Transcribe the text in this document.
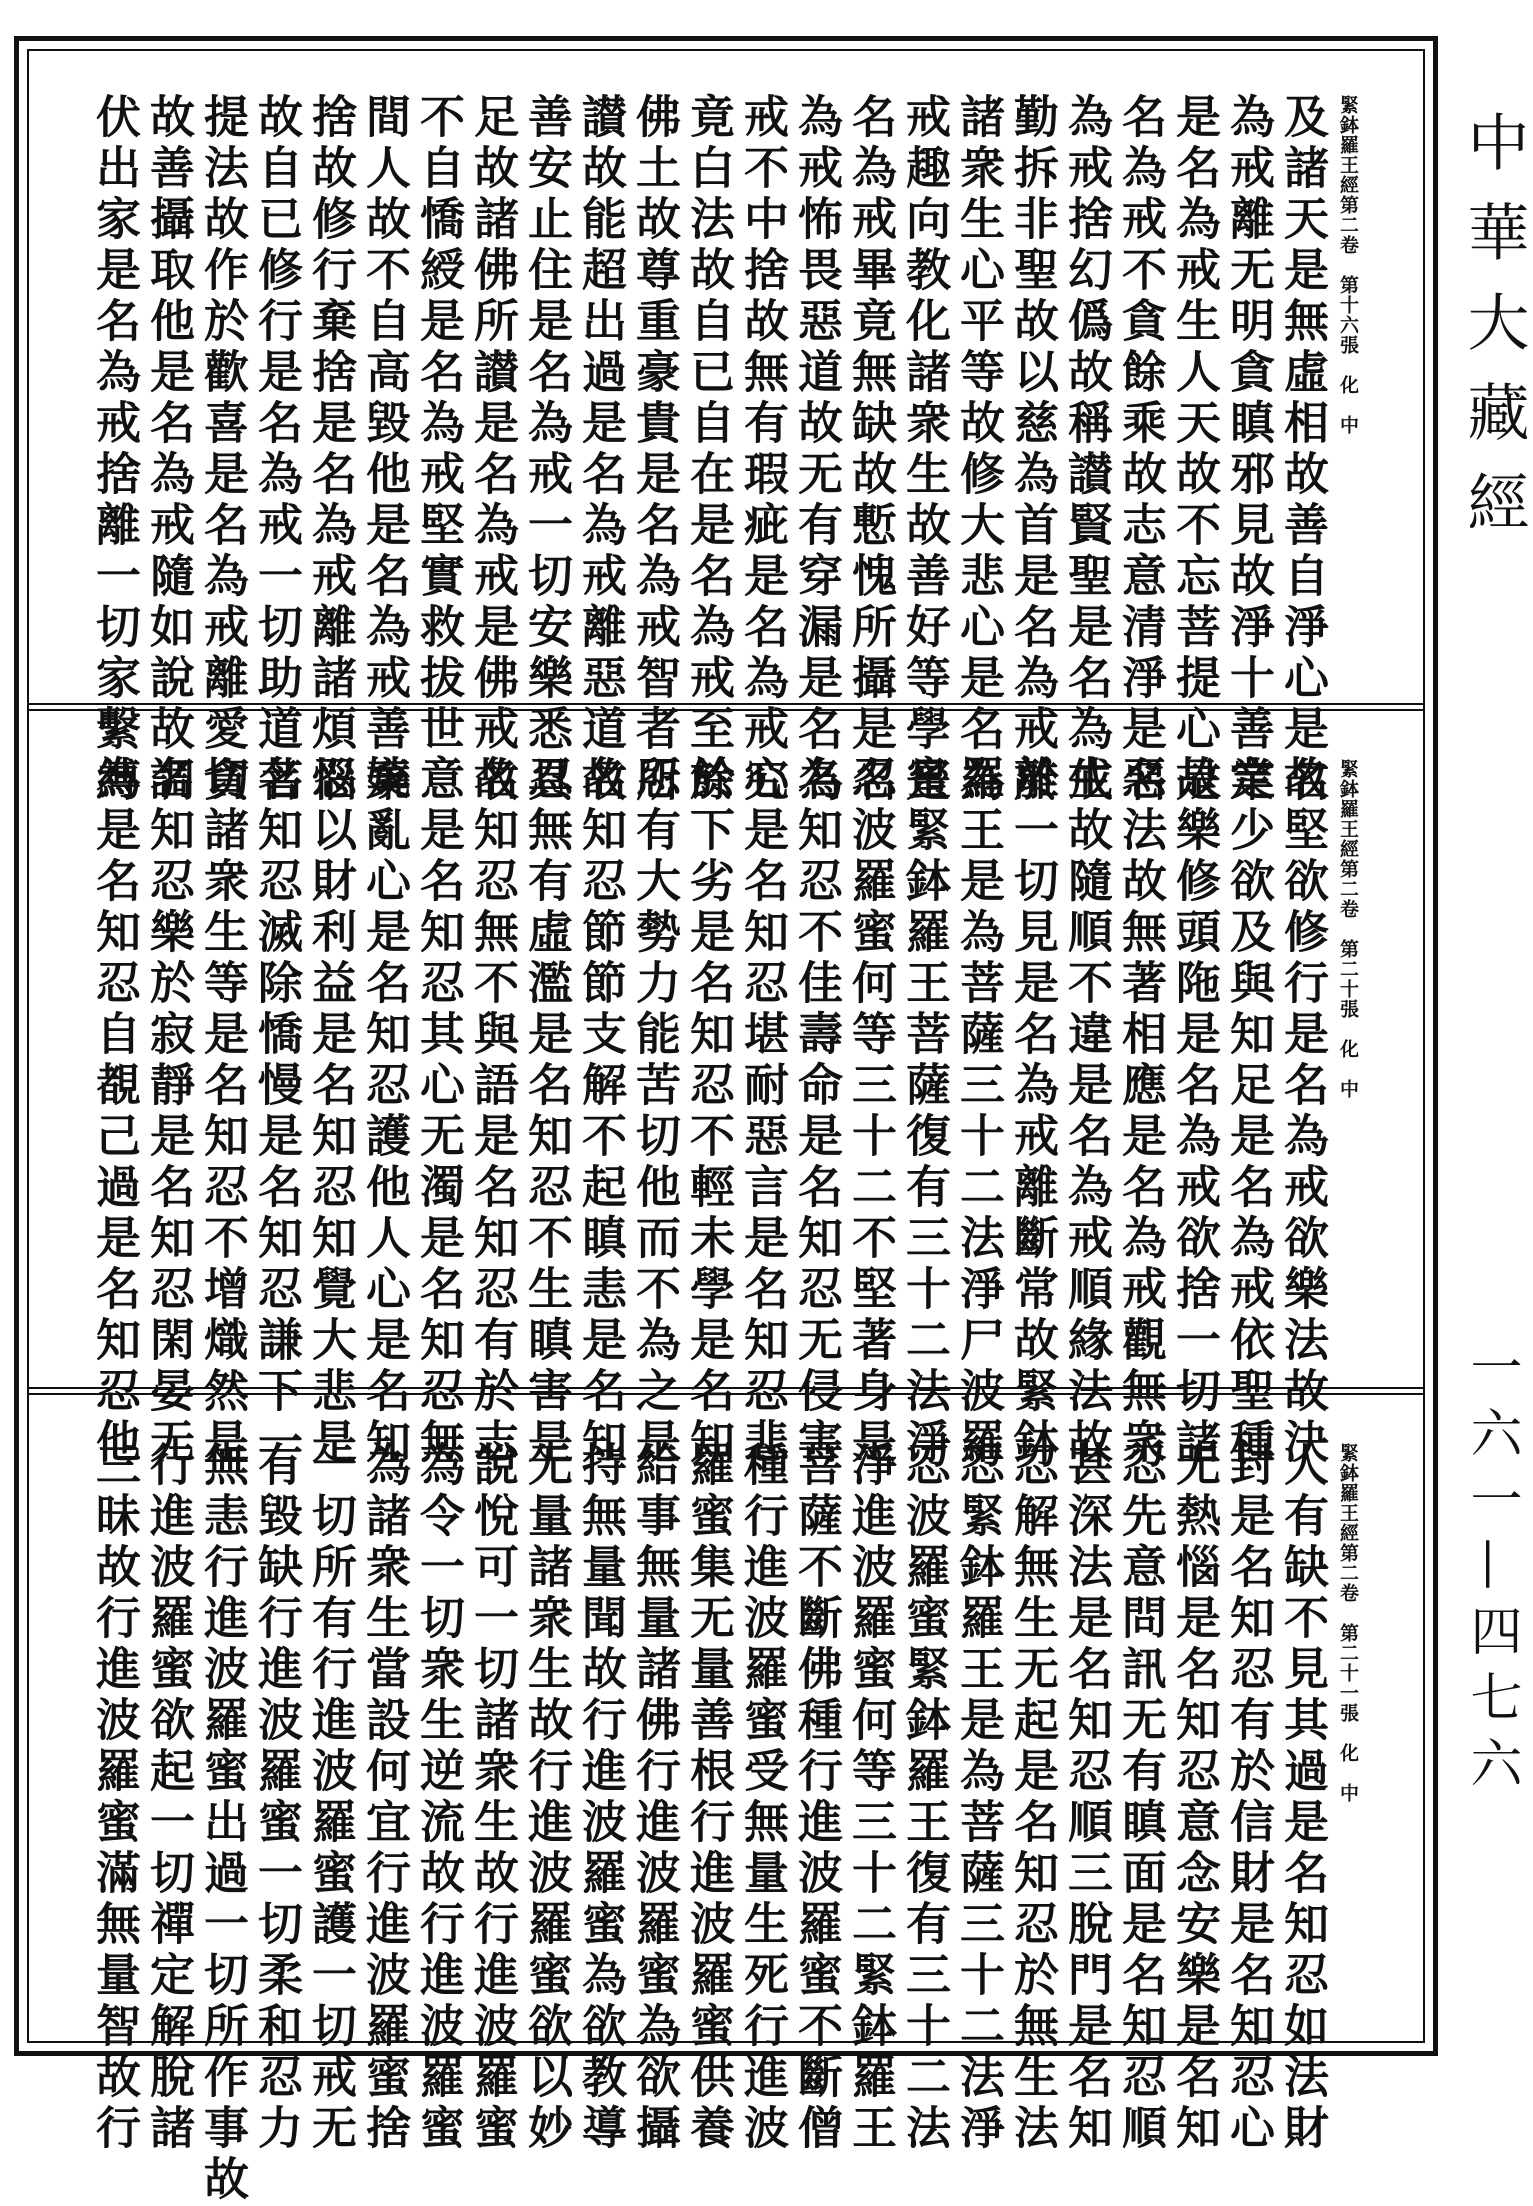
及諸天是無虛相故善自淨心是名
為戒離无明貪瞋邪見故淨十善業
是名為戒生人天故不忘菩提心是
名為戒不貪餘乘故志意清淨是名
為戒捨幻僞故稱讃賢聖是名為戒
勤拆非聖故以慈為首是名為戒於
諸衆生心平等故修大悲心是名為
戒趣向教化諸衆生故善好等學是
名為戒畢竟無缺故慙愧所攝是名
為戒怖畏惡道故无有穿漏是名為
戒不中捨故無有瑕疵是名為戒究
竟白法故自已自在是名為戒至餘
佛土故尊重豪貴是名為戒智者所
讃故能超出過是名為戒離惡道故
善安止住是名為戒一切安樂悉具
足故諸佛所讃是名為戒是佛戒故
不自憍綬是名為戒堅實救拔世
間人故不自高毀他是名為戒善棄
捨故修行棄捨是名為戒離諸煩惱
故自已修行是名為戒一切助道菩
提法故作於歡喜是名為戒離愛貪
故善攝取他是名為戒隨如說故調
伏出家是名為戒捨離一切家繫縛	緊鉢羅王經第二卷　第十六張　化　中
故堅欲修行是名為戒欲樂法故決
定少欲及與知足是名為戒依聖種
故樂修頭陁是名為戒欲捨一切諸
惡法故無著相應是名為戒觀無衆
生故隨順不違是名為戒順緣法故
離一切見是名為戒離斷常故緊鉢
羅王是為菩薩三十二法淨尸波羅
蜜緊鉢羅王菩薩復有三十二法淨
忍波羅蜜何等三十二不堅著身是
名知忍不佳壽命是名知忍无侵害
心是名知忍堪耐惡言是名知忍悲
於下劣是名知忍不輕未學是名知
忍有大勢力能苦切他而不為之是
名知忍節節支解不起瞋恚是名知
忍無有虛濫是名知忍不生瞋害是
名知忍無不與語是名知忍有於志
意是名知忍其心无濁是名知忍無
嬈亂心是名知忍護他人心是名知
忍以財利益是名知忍知覺大悲是
名知忍滅除憍慢是名知忍謙下一
切諸衆生等是名知忍不增熾然是
名知忍樂於寂靜是名知忍閑晏无
為是名知忍自覩己過是名知忍他	緊鉢羅王經第二卷　第二十張　化　中
人有缺不見其過是名知忍如法財
封是名知忍有於信財是名知忍心
无熱惱是名知忍意念安樂是名知
忍先意問訊无有瞋面是名知忍順
甚深法是名知忍順三脫門是名知
忍解無生无起是名知忍於無生法
忍緊鉢羅王是為菩薩三十二法淨
忍波羅蜜緊鉢羅王復有三十二法
淨進波羅蜜何等三十二緊鉢羅王
菩薩不斷佛種行進波羅蜜不斷僧
種行進波羅蜜受無量生死行進波
羅蜜集无量善根行進波羅蜜供養
給事無量諸佛行進波羅蜜為欲攝
持無量聞故行進波羅蜜為欲教導
无量諸衆生故行進波羅蜜欲以妙
說悅可一切諸衆生故行進波羅蜜
為令一切衆生逆流故行進波羅蜜
為諸衆生當設何宜行進波羅蜜捨
一切所有行進波羅蜜護一切戒无
有毀缺行進波羅蜜一切柔和忍力
無恚行進波羅蜜出過一切所作事故
行進波羅蜜欲起一切禪定解脫諸
三昧故行進波羅蜜滿無量智故行	緊鉢羅王經第二卷　第二十一張　化　中
中華大藏經
一六一—四七六
